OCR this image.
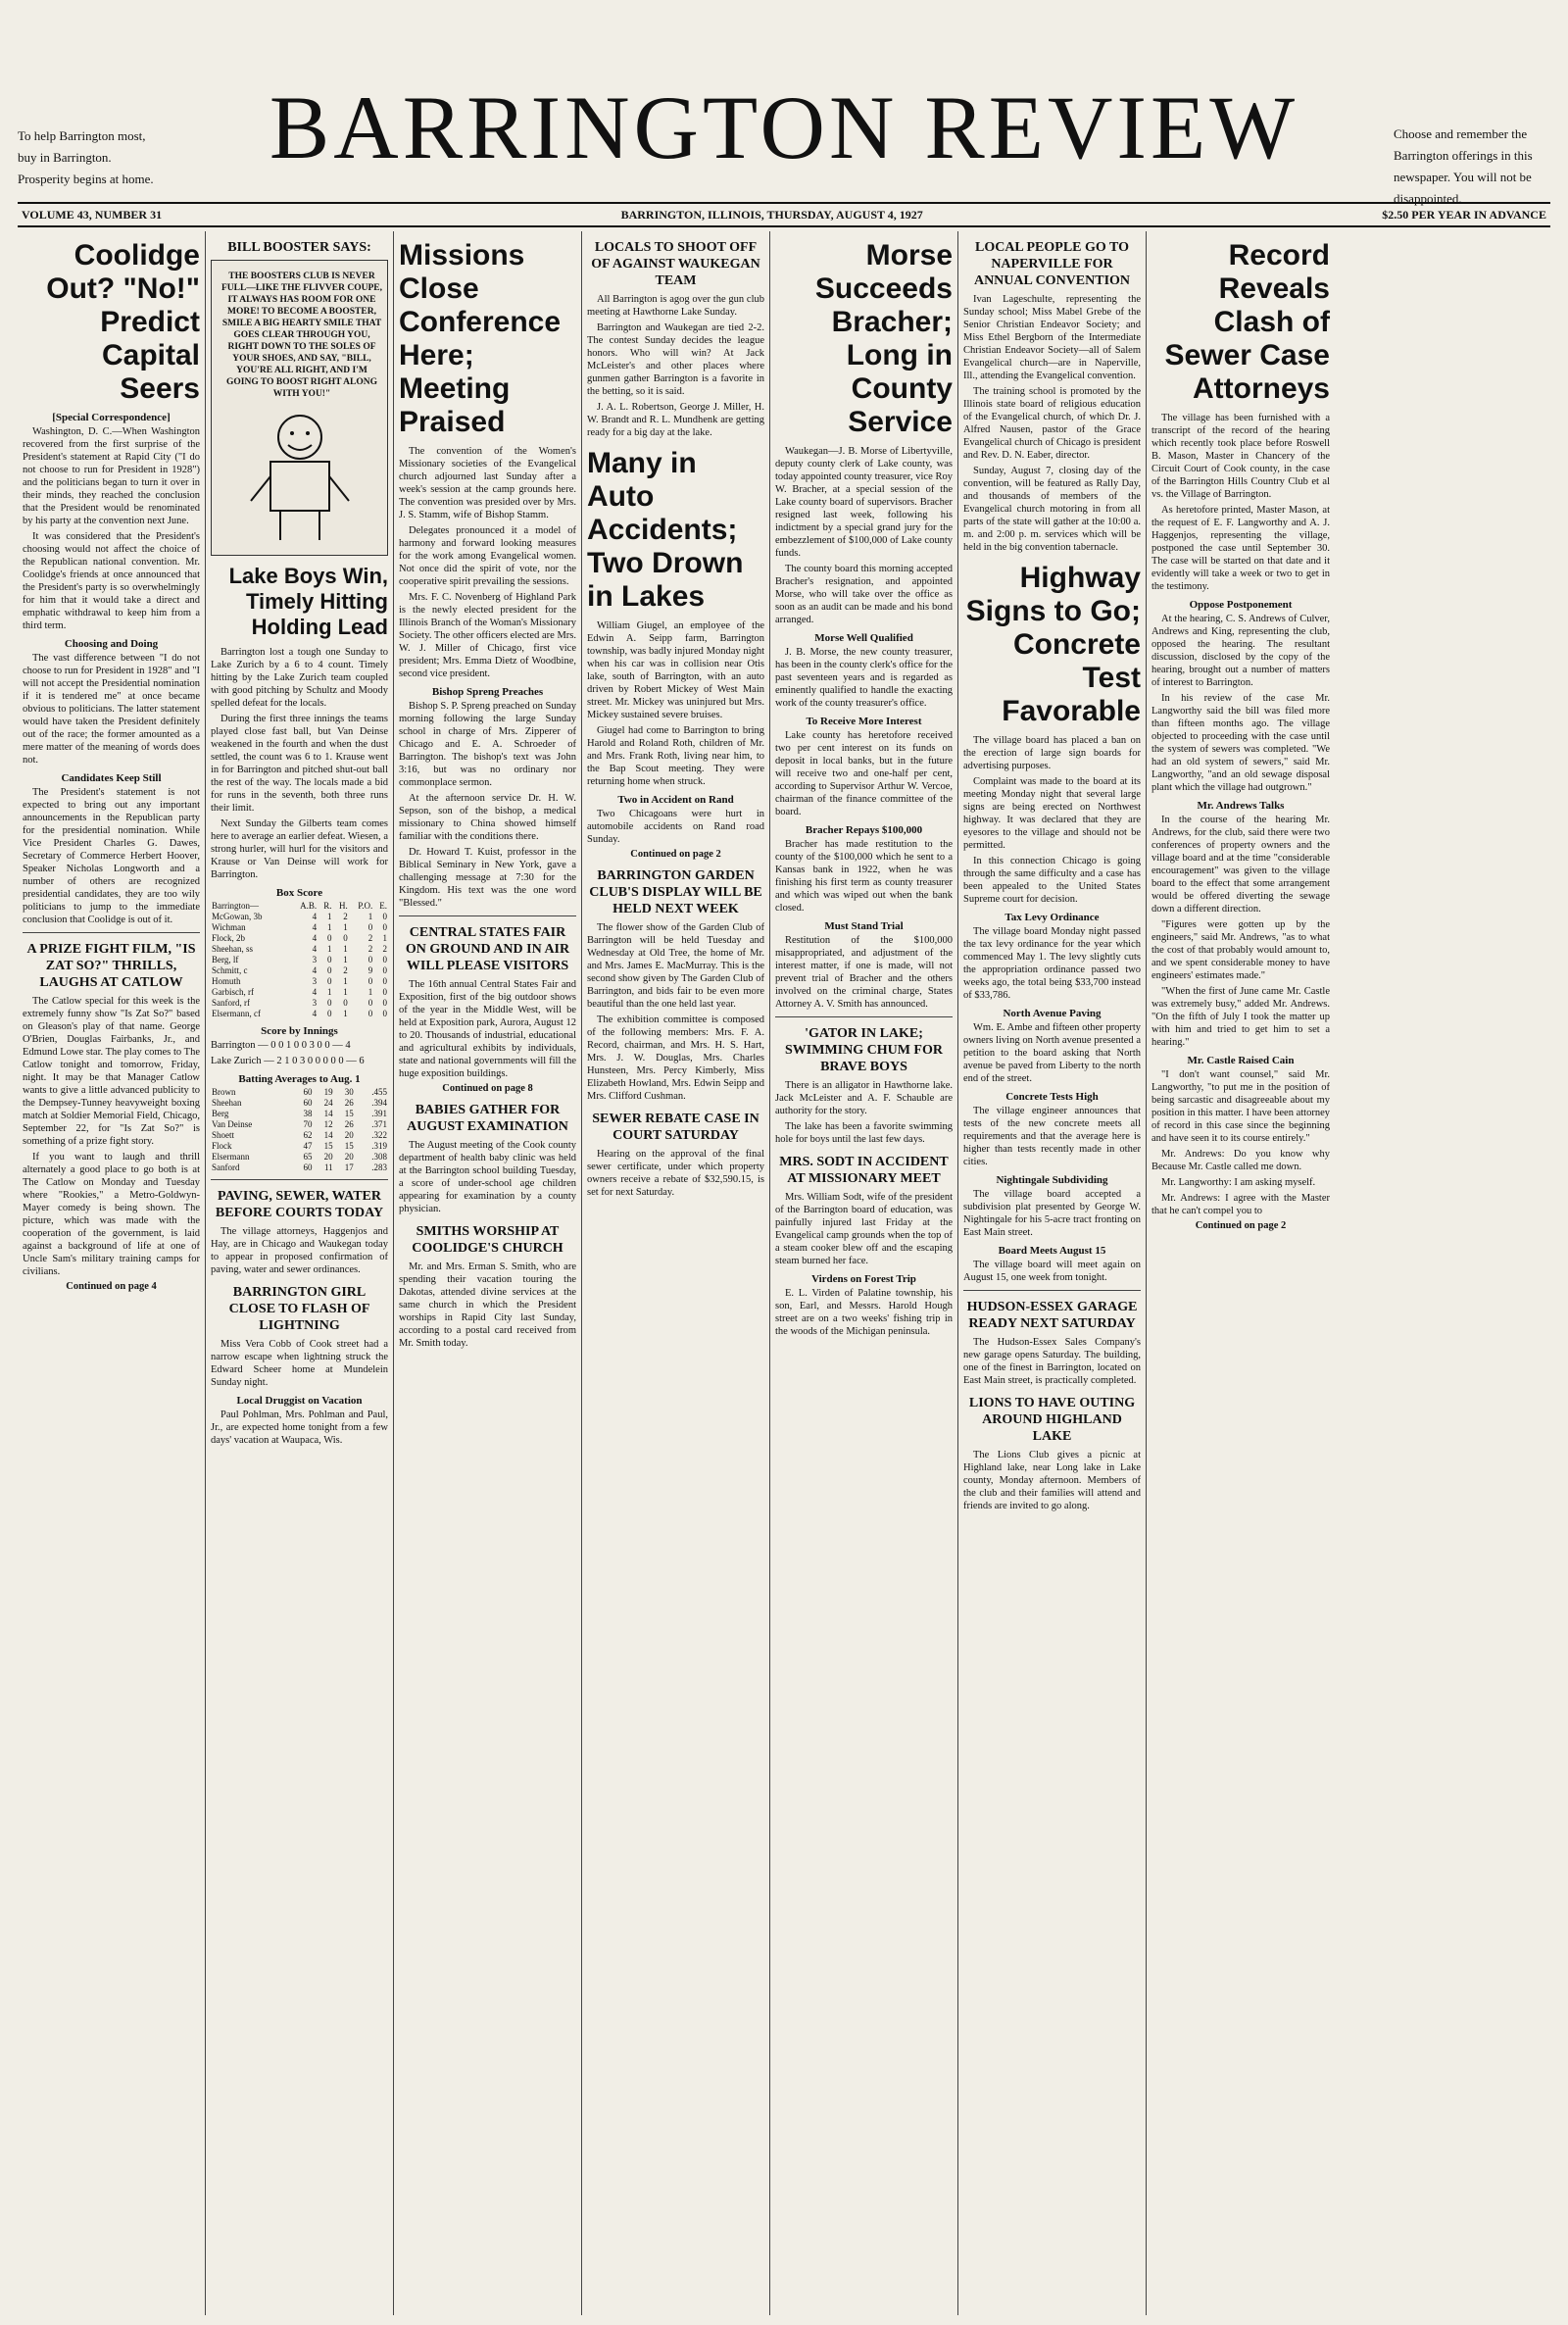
To help Barrington most, buy in Barrington. Prosperity begins at home.
BARRINGTON REVIEW	Choose and remember the Barrington offerings in this newspaper. You will not be disappointed.
VOLUME 43, NUMBER 31	BARRINGTON, ILLINOIS, THURSDAY, AUGUST 4, 1927	$2.50 PER YEAR IN ADVANCE
Coolidge Out? "No!" Predict Capital Seers
[Special Correspondence]

Washington, D. C.—When Washington recovered from the first surprise of the President's statement at Rapid City ("I do not choose to run for President in 1928") and the politicians began to turn it over in their minds, they reached the conclusion that the President would be renominated by his party at the convention next June.

It was considered that the President's choosing would not affect the choice of the Republican national convention. Mr. Coolidge's friends at once announced that the President's party is so overwhelmingly for him that it would take a direct and emphatic withdrawal to keep him from a third term.

Choosing and Doing

The vast difference between "I do not choose to run for President in 1928" and "I will not accept the Presidential nomination if it is tendered me" at once became obvious to politicians. The latter statement would have taken the President definitely out of the race; the former amounted as a mere matter of the meaning of words does not.

Candidates Keep Still

The President's statement is not expected to bring out any important announcements in the Republican party for the presidential nomination. While Vice President Charles G. Dawes, Secretary of Commerce Herbert Hoover, Speaker Nicholas Longworth and a number of others are recognized presidential candidates, they are too wily politicians to jump to the immediate conclusion that Coolidge is out of it.

A PRIZE FIGHT FILM, "IS ZAT SO?" THRILLS, LAUGHS AT CATLOW

The Catlow special for this week is the extremely funny show "Is Zat So?" based on Gleason's play of that name. George O'Brien, Douglas Fairbanks, Jr., and Edmund Lowe star. The play comes to The Catlow tonight and tomorrow, Friday, night. It may be that Manager Catlow wants to give a little advanced publicity to the Dempsey-Tunney heavyweight boxing match at Soldier Memorial Field, Chicago, September 22, for "Is Zat So?" is something of a prize fight story.

If you want to laugh and thrill alternately a good place to go both is at The Catlow on Monday and Tuesday where "Rookies," a Metro-Goldwyn-Mayer comedy is being shown. The picture, which was made with the cooperation of the government, is laid against a background of life at one of Uncle Sam's military training camps for civilians.

Continued on page 4
BILL BOOSTER SAYS:
THE BOOSTERS CLUB IS NEVER FULL—LIKE THE FLIVVER COUPE, IT ALWAYS HAS ROOM FOR ONE MORE! TO BECOME A BOOSTER, SMILE A BIG HEARTY SMILE THAT GOES CLEAR THROUGH YOU, RIGHT DOWN TO THE SOLES OF YOUR SHOES, AND SAY, "BILL, YOU'RE ALL RIGHT, AND I'M GOING TO BOOST RIGHT ALONG WITH YOU!"
Lake Boys Win, Timely Hitting Holding Lead

Barrington lost a tough one Sunday to Lake Zurich by a 6 to 4 count. Timely hitting by the Lake Zurich team coupled with good pitching by Schultz and Moody spelled defeat for the locals.

During the first three innings the teams played close fast ball, but Van Deinse weakened in the fourth and when the dust settled, the count was 6 to 1. Krause went in for Barrington and pitched shut-out ball the rest of the way. The locals made a bid for runs in the seventh, both three runs their limit.

Next Sunday the Gilberts team comes here to average an earlier defeat. Wiesen, a strong hurler, will hurl for the visitors and Krause or Van Deinse will work for Barrington.

Box Score
Barrington—	A.B.	R.	H.	P.O.	E.
McGowan, 3b	4	1	2	1	0
Wichman	4	1	1	0	0
Flock, 2b	4	0	0	2	1
Sheehan, ss	4	1	1	2	2
Berg, lf	3	0	1	0	0
Schmitt, c	4	0	2	9	0
Homuth	3	0	1	0	0
Garbisch, rf	4	1	1	1	0
Sanford, rf	3	0	0	0	0
Elsermann, cf	4	0	1	0	0
Score by Innings

Barrington — 0 0 1 0 0 3 0 0 — 4

Lake Zurich — 2 1 0 3 0 0 0 0 0 — 6

Batting Averages to Aug. 1
Brown	60	19	30	.455
Sheehan	60	24	26	.394
Berg	38	14	15	.391
Van Deinse	70	12	26	.371
Shoett	62	14	20	.322
Flock	47	15	15	.319
Elsermann	65	20	20	.308
Sanford	60	11	17	.283
PAVING, SEWER, WATER BEFORE COURTS TODAY

The village attorneys, Haggenjos and Hay, are in Chicago and Waukegan today to appear in proposed confirmation of paving, water and sewer ordinances.

BARRINGTON GIRL CLOSE TO FLASH OF LIGHTNING

Miss Vera Cobb of Cook street had a narrow escape when lightning struck the Edward Scheer home at Mundelein Sunday night.

Local Druggist on Vacation

Paul Pohlman, Mrs. Pohlman and Paul, Jr., are expected home tonight from a few days' vacation at Waupaca, Wis.

Missions Close Conference Here; Meeting Praised

The convention of the Women's Missionary societies of the Evangelical church adjourned last Sunday after a week's session at the camp grounds here. The convention was presided over by Mrs. J. S. Stamm, wife of Bishop Stamm.

Delegates pronounced it a model of harmony and forward looking measures for the work among Evangelical women. Not once did the spirit of vote, nor the cooperative spirit prevailing the sessions.

Mrs. F. C. Novenberg of Highland Park is the newly elected president for the Illinois Branch of the Woman's Missionary Society. The other officers elected are Mrs. W. J. Miller of Chicago, first vice president; Mrs. Emma Dietz of Woodbine, second vice president.

Bishop Spreng Preaches

Bishop S. P. Spreng preached on Sunday morning following the large Sunday school in charge of Mrs. Zipperer of Chicago and E. A. Schroeder of Barrington. The bishop's text was John 3:16, but was no ordinary nor commonplace sermon.

At the afternoon service Dr. H. W. Sepson, son of the bishop, a medical missionary to China showed himself familiar with the conditions there.

Dr. Howard T. Kuist, professor in the Biblical Seminary in New York, gave a challenging message at 7:30 for the Kingdom. His text was the one word "Blessed."

CENTRAL STATES FAIR ON GROUND AND IN AIR WILL PLEASE VISITORS

The 16th annual Central States Fair and Exposition, first of the big outdoor shows of the year in the Middle West, will be held at Exposition park, Aurora, August 12 to 20. Thousands of industrial, educational and agricultural exhibits by individuals, state and national governments will fill the huge exposition buildings.

Continued on page 8
BABIES GATHER FOR AUGUST EXAMINATION

The August meeting of the Cook county department of health baby clinic was held at the Barrington school building Tuesday, a score of under-school age children appearing for examination by a county physician.

SMITHS WORSHIP AT COOLIDGE'S CHURCH

Mr. and Mrs. Erman S. Smith, who are spending their vacation touring the Dakotas, attended divine services at the same church in which the President worships in Rapid City last Sunday, according to a postal card received from Mr. Smith today.

LOCALS TO SHOOT OFF OF AGAINST WAUKEGAN TEAM

All Barrington is agog over the gun club meeting at Hawthorne Lake Sunday.

Barrington and Waukegan are tied 2-2. The contest Sunday decides the league honors. Who will win? At Jack McLeister's and other places where gunmen gather Barrington is a favorite in the betting, so it is said.

J. A. L. Robertson, George J. Miller, H. W. Brandt and R. L. Mundhenk are getting ready for a big day at the lake.

Many in Auto Accidents; Two Drown in Lakes

William Giugel, an employee of the Edwin A. Seipp farm, Barrington township, was badly injured Monday night when his car was in collision near Otis lake, south of Barrington, with an auto driven by Robert Mickey of West Main street. Mr. Mickey was uninjured but Mrs. Mickey sustained severe bruises.

Giugel had come to Barrington to bring Harold and Roland Roth, children of Mr. and Mrs. Frank Roth, living near him, to the Bap Scout meeting. They were returning home when struck.

Two in Accident on Rand

Two Chicagoans were hurt in automobile accidents on Rand road Sunday.

Continued on page 2
BARRINGTON GARDEN CLUB'S DISPLAY WILL BE HELD NEXT WEEK

The flower show of the Garden Club of Barrington will be held Tuesday and Wednesday at Old Tree, the home of Mr. and Mrs. James E. MacMurray. This is the second show given by The Garden Club of Barrington, and bids fair to be even more beautiful than the one held last year.

The exhibition committee is composed of the following members: Mrs. F. A. Record, chairman, and Mrs. H. S. Hart, Mrs. J. W. Douglas, Mrs. Charles Hunsteen, Mrs. Percy Kimberly, Miss Elizabeth Howland, Mrs. Edwin Seipp and Mrs. Clifford Cushman.

SEWER REBATE CASE IN COURT SATURDAY

Hearing on the approval of the final sewer certificate, under which property owners receive a rebate of $32,590.15, is set for next Saturday.

Morse Succeeds Bracher; Long in County Service

Waukegan—J. B. Morse of Libertyville, deputy county clerk of Lake county, was today appointed county treasurer, vice Roy W. Bracher, at a special session of the Lake county board of supervisors. Bracher resigned last week, following his indictment by a special grand jury for the embezzlement of $100,000 of Lake county funds.

The county board this morning accepted Bracher's resignation, and appointed Morse, who will take over the office as soon as an audit can be made and his bond arranged.

Morse Well Qualified

J. B. Morse, the new county treasurer, has been in the county clerk's office for the past seventeen years and is regarded as eminently qualified to handle the exacting work of the county treasurer's office.

To Receive More Interest

Lake county has heretofore received two per cent interest on its funds on deposit in local banks, but in the future will receive two and one-half per cent, according to Supervisor Arthur W. Vercoe, chairman of the finance committee of the board.

Bracher Repays $100,000

Bracher has made restitution to the county of the $100,000 which he sent to a Kansas bank in 1922, when he was finishing his first term as county treasurer and which was wiped out when the bank closed.

Must Stand Trial

Restitution of the $100,000 misappropriated, and adjustment of the interest matter, if one is made, will not prevent trial of Bracher and the others involved on the criminal charge, States Attorney A. V. Smith has announced.

'GATOR IN LAKE; SWIMMING CHUM FOR BRAVE BOYS

There is an alligator in Hawthorne lake. Jack McLeister and A. F. Schauble are authority for the story.

The lake has been a favorite swimming hole for boys until the last few days.

MRS. SODT IN ACCIDENT AT MISSIONARY MEET

Mrs. William Sodt, wife of the president of the Barrington board of education, was painfully injured last Friday at the Evangelical camp grounds when the top of a steam cooker blew off and the escaping steam burned her face.

Virdens on Forest Trip

E. L. Virden of Palatine township, his son, Earl, and Messrs. Harold Hough street are on a two weeks' fishing trip in the woods of the Michigan peninsula.

LOCAL PEOPLE GO TO NAPERVILLE FOR ANNUAL CONVENTION

Ivan Lageschulte, representing the Sunday school; Miss Mabel Grebe of the Senior Christian Endeavor Society; and Miss Ethel Bergborn of the Intermediate Christian Endeavor Society—all of Salem Evangelical church—are in Naperville, Ill., attending the Evangelical convention.

The training school is promoted by the Illinois state board of religious education of the Evangelical church, of which Dr. J. Alfred Nausen, pastor of the Grace Evangelical church of Chicago is president and Rev. D. N. Eaber, director.

Sunday, August 7, closing day of the convention, will be featured as Rally Day, and thousands of members of the Evangelical church motoring in from all parts of the state will gather at the 10:00 a. m. and 2:00 p. m. services which will be held in the big convention tabernacle.

Highway Signs to Go; Concrete Test Favorable

The village board has placed a ban on the erection of large sign boards for advertising purposes.

Complaint was made to the board at its meeting Monday night that several large signs are being erected on Northwest highway. It was declared that they are eyesores to the village and should not be permitted.

In this connection Chicago is going through the same difficulty and a case has been appealed to the United States Supreme court for decision.

Tax Levy Ordinance

The village board Monday night passed the tax levy ordinance for the year which commenced May 1. The levy slightly cuts the appropriation ordinance passed two weeks ago, the total being $33,700 instead of $33,786.

North Avenue Paving

Wm. E. Ambe and fifteen other property owners living on North avenue presented a petition to the board asking that North avenue be paved from Liberty to the north end of the street.

Concrete Tests High

The village engineer announces that tests of the new concrete meets all requirements and that the average here is higher than tests recently made in other cities.

Nightingale Subdividing

The village board accepted a subdivision plat presented by George W. Nightingale for his 5-acre tract fronting on East Main street.

Board Meets August 15

The village board will meet again on August 15, one week from tonight.

HUDSON-ESSEX GARAGE READY NEXT SATURDAY

The Hudson-Essex Sales Company's new garage opens Saturday. The building, one of the finest in Barrington, located on East Main street, is practically completed.

LIONS TO HAVE OUTING AROUND HIGHLAND LAKE

The Lions Club gives a picnic at Highland lake, near Long lake in Lake county, Monday afternoon. Members of the club and their families will attend and friends are invited to go along.

Record Reveals Clash of Sewer Case Attorneys

The village has been furnished with a transcript of the record of the hearing which recently took place before Roswell B. Mason, Master in Chancery of the Circuit Court of Cook county, in the case of the Barrington Hills Country Club et al vs. the Village of Barrington.

As heretofore printed, Master Mason, at the request of E. F. Langworthy and A. J. Haggenjos, representing the village, postponed the case until September 30. The case will be started on that date and it evidently will take a week or two to get in the testimony.

Oppose Postponement

At the hearing, C. S. Andrews of Culver, Andrews and King, representing the club, opposed the hearing. The resultant discussion, disclosed by the copy of the hearing, brought out a number of matters of interest to Barrington.

In his review of the case Mr. Langworthy said the bill was filed more than fifteen months ago. The village objected to proceeding with the case until the system of sewers was completed. "We had an old system of sewers," said Mr. Langworthy, "and an old sewage disposal plant which the village had outgrown."

Mr. Andrews Talks

In the course of the hearing Mr. Andrews, for the club, said there were two conferences of property owners and the village board and at the time "considerable encouragement" was given to the village board to the effect that some arrangement would be offered diverting the sewage down a different direction.

"Figures were gotten up by the engineers," said Mr. Andrews, "as to what the cost of that probably would amount to, and we spent considerable money to have engineers' estimates made."

"When the first of June came Mr. Castle was extremely busy," added Mr. Andrews. "On the fifth of July I took the matter up with him and tried to get him to set a hearing."

Mr. Castle Raised Cain

"I don't want counsel," said Mr. Langworthy, "to put me in the position of being sarcastic and disagreeable about my position in this matter. I have been attorney of record in this case since the beginning and have seen it to its course entirely."

Mr. Andrews: Do you know why Because Mr. Castle called me down.

Mr. Langworthy: I am asking myself.

Mr. Andrews: I agree with the Master that he can't compel you to

Continued on page 2
